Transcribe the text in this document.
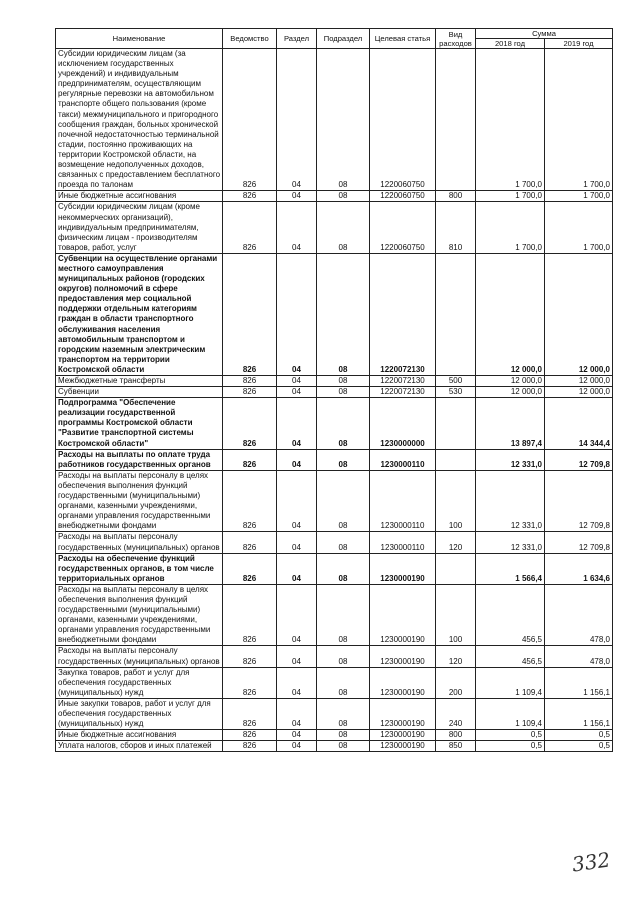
Наименование	Ведомство	Раздел	Подраздел	Целевая статья	Вид расходов	Сумма	
						2018 год	2019 год
Субсидии юридическим лицам (за исключением государственных учреждений) и индивидуальным предпринимателям, осуществляющим регулярные перевозки на автомобильном транспорте общего пользования (кроме такси) межмуниципального и пригородного сообщения граждан, больных хронической почечной недостаточностью терминальной стадии, постоянно проживающих на территории Костромской области, на возмещение недополученных доходов, связанных с предоставлением бесплатного проезда по талонам	826	04	08	1220060750		1 700,0	1 700,0
Иные бюджетные ассигнования	826	04	08	1220060750	800	1 700,0	1 700,0
Субсидии юридическим лицам (кроме некоммерческих организаций), индивидуальным предпринимателям, физическим лицам - производителям товаров, работ, услуг	826	04	08	1220060750	810	1 700,0	1 700,0
Субвенции на осуществление органами местного самоуправления муниципальных районов (городских округов) полномочий в сфере предоставления мер социальной поддержки отдельным категориям граждан в области транспортного обслуживания населения автомобильным транспортом и городским наземным электрическим транспортом на территории Костромской области	826	04	08	1220072130		12 000,0	12 000,0
Межбюджетные трансферты	826	04	08	1220072130	500	12 000,0	12 000,0
Субвенции	826	04	08	1220072130	530	12 000,0	12 000,0
Подпрограмма "Обеспечение реализации государственной программы Костромской области "Развитие транспортной системы Костромской области"	826	04	08	1230000000		13 897,4	14 344,4
Расходы на выплаты по оплате труда работников государственных органов	826	04	08	1230000110		12 331,0	12 709,8
Расходы на выплаты персоналу в целях обеспечения выполнения функций государственными (муниципальными) органами, казенными учреждениями, органами управления государственными внебюджетными фондами	826	04	08	1230000110	100	12 331,0	12 709,8
Расходы на выплаты персоналу государственных (муниципальных) органов	826	04	08	1230000110	120	12 331,0	12 709,8
Расходы на обеспечение функций государственных органов, в том числе территориальных органов	826	04	08	1230000190		1 566,4	1 634,6
Расходы на выплаты персоналу в целях обеспечения выполнения функций государственными (муниципальными) органами, казенными учреждениями, органами управления государственными внебюджетными фондами	826	04	08	1230000190	100	456,5	478,0
Расходы на выплаты персоналу государственных (муниципальных) органов	826	04	08	1230000190	120	456,5	478,0
Закупка товаров, работ и услуг для обеспечения государственных (муниципальных) нужд	826	04	08	1230000190	200	1 109,4	1 156,1
Иные закупки товаров, работ и услуг для обеспечения государственных (муниципальных) нужд	826	04	08	1230000190	240	1 109,4	1 156,1
Иные бюджетные ассигнования	826	04	08	1230000190	800	0,5	0,5
Уплата налогов, сборов и иных платежей	826	04	08	1230000190	850	0,5	0,5
332
